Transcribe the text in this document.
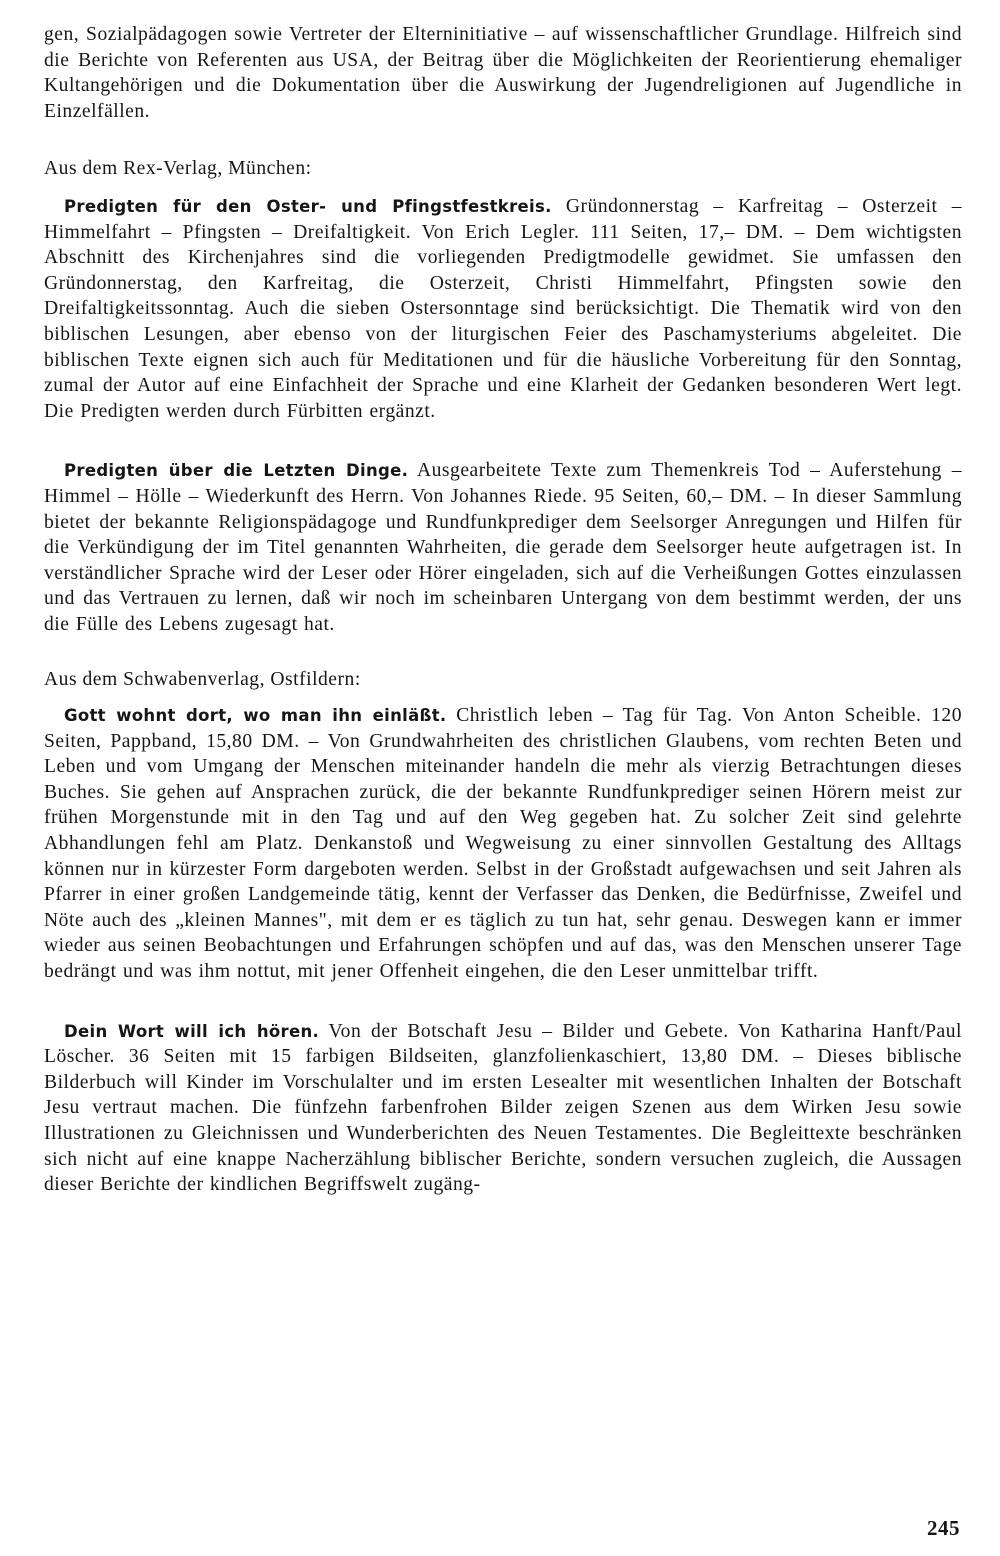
gen, Sozialpädagogen sowie Vertreter der Elterninitiative – auf wissenschaftlicher Grundlage. Hilfreich sind die Berichte von Referenten aus USA, der Beitrag über die Möglichkeiten der Reorientierung ehemaliger Kultangehörigen und die Dokumentation über die Auswirkung der Jugendreligionen auf Jugendliche in Einzelfällen.

Aus dem Rex-Verlag, München:

Predigten für den Oster- und Pfingstfestkreis. Gründonnerstag – Karfreitag – Osterzeit – Himmelfahrt – Pfingsten – Dreifaltigkeit. Von Erich Legler. 111 Seiten, 17,– DM. – Dem wichtigsten Abschnitt des Kirchenjahres sind die vorliegenden Predigtmodelle gewidmet. Sie umfassen den Gründonnerstag, den Karfreitag, die Osterzeit, Christi Himmelfahrt, Pfingsten sowie den Dreifaltigkeitssonntag. Auch die sieben Ostersonntage sind berücksichtigt. Die Thematik wird von den biblischen Lesungen, aber ebenso von der liturgischen Feier des Paschamysteriums abgeleitet. Die biblischen Texte eignen sich auch für Meditationen und für die häusliche Vorbereitung für den Sonntag, zumal der Autor auf eine Einfachheit der Sprache und eine Klarheit der Gedanken besonderen Wert legt. Die Predigten werden durch Fürbitten ergänzt.

Predigten über die Letzten Dinge. Ausgearbeitete Texte zum Themenkreis Tod – Auferstehung – Himmel – Hölle – Wiederkunft des Herrn. Von Johannes Riede. 95 Seiten, 60,– DM. – In dieser Sammlung bietet der bekannte Religionspädagoge und Rundfunkprediger dem Seelsorger Anregungen und Hilfen für die Verkündigung der im Titel genannten Wahrheiten, die gerade dem Seelsorger heute aufgetragen ist. In verständlicher Sprache wird der Leser oder Hörer eingeladen, sich auf die Verheißungen Gottes einzulassen und das Vertrauen zu lernen, daß wir noch im scheinbaren Untergang von dem bestimmt werden, der uns die Fülle des Lebens zugesagt hat.

Aus dem Schwabenverlag, Ostfildern:

Gott wohnt dort, wo man ihn einläßt. Christlich leben – Tag für Tag. Von Anton Scheible. 120 Seiten, Pappband, 15,80 DM. – Von Grundwahrheiten des christlichen Glaubens, vom rechten Beten und Leben und vom Umgang der Menschen miteinander handeln die mehr als vierzig Betrachtungen dieses Buches. Sie gehen auf Ansprachen zurück, die der bekannte Rundfunkprediger seinen Hörern meist zur frühen Morgenstunde mit in den Tag und auf den Weg gegeben hat. Zu solcher Zeit sind gelehrte Abhandlungen fehl am Platz. Denkanstoß und Wegweisung zu einer sinnvollen Gestaltung des Alltags können nur in kürzester Form dargeboten werden. Selbst in der Großstadt aufgewachsen und seit Jahren als Pfarrer in einer großen Landgemeinde tätig, kennt der Verfasser das Denken, die Bedürfnisse, Zweifel und Nöte auch des „kleinen Mannes", mit dem er es täglich zu tun hat, sehr genau. Deswegen kann er immer wieder aus seinen Beobachtungen und Erfahrungen schöpfen und auf das, was den Menschen unserer Tage bedrängt und was ihm nottut, mit jener Offenheit eingehen, die den Leser unmittelbar trifft.

Dein Wort will ich hören. Von der Botschaft Jesu – Bilder und Gebete. Von Katharina Hanft/Paul Löscher. 36 Seiten mit 15 farbigen Bildseiten, glanzfolienkaschiert, 13,80 DM. – Dieses biblische Bilderbuch will Kinder im Vorschulalter und im ersten Lesealter mit wesentlichen Inhalten der Botschaft Jesu vertraut machen. Die fünfzehn farbenfrohen Bilder zeigen Szenen aus dem Wirken Jesu sowie Illustrationen zu Gleichnissen und Wunderberichten des Neuen Testamentes. Die Begleittexte beschränken sich nicht auf eine knappe Nacherzählung biblischer Berichte, sondern versuchen zugleich, die Aussagen dieser Berichte der kindlichen Begriffswelt zugäng-

245
